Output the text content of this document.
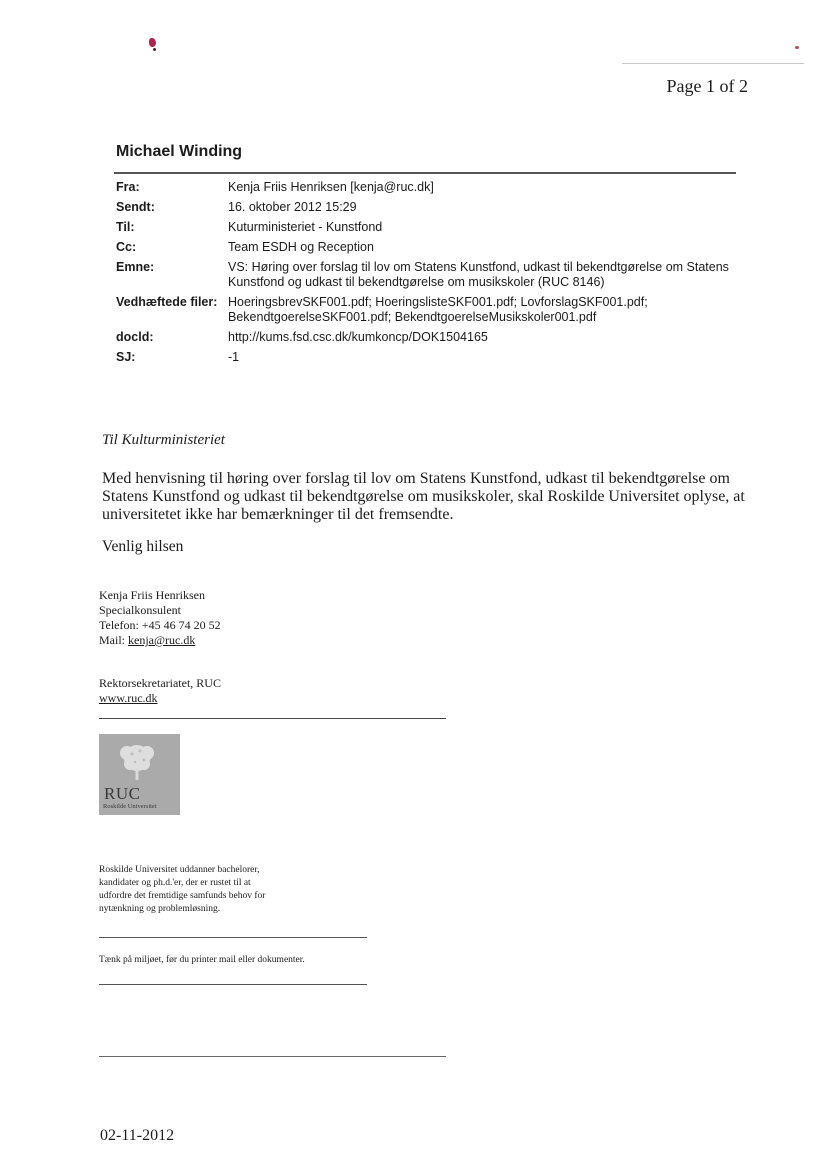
Page 1 of 2
Michael Winding
Fra:	Kenja Friis Henriksen [kenja@ruc.dk]
Sendt:	16. oktober 2012 15:29
Til:	Kuturministeriet - Kunstfond
Cc:	Team ESDH og Reception
Emne:	VS: Høring over forslag til lov om Statens Kunstfond, udkast til bekendtgørelse om Statens Kunstfond og udkast til bekendtgørelse om musikskoler (RUC 8146)
Vedhæftede filer: HoeringsbrevSKF001.pdf; HoeringslisteSKF001.pdf; LovforslagSKF001.pdf; BekendtgoerelseSKF001.pdf; BekendtgoerelseMusikskoler001.pdf
docld:	http://kums.fsd.csc.dk/kumkoncp/DOK1504165
SJ:	-1
Til Kulturministeriet
Med henvisning til høring over forslag til lov om Statens Kunstfond, udkast til bekendtgørelse om Statens Kunstfond og udkast til bekendtgørelse om musikskoler, skal Roskilde Universitet oplyse, at universitetet ikke har bemærkninger til det fremsendte.
Venlig hilsen
Kenja Friis Henriksen
Specialkonsulent
Telefon: +45 46 74 20 52
Mail: kenja@ruc.dk
Rektorsekretariatet, RUC
www.ruc.dk
RUC
Roskilde Universitet
Roskilde Universitet uddanner bachelorer,
kandidater og ph.d.'er, der er rustet til at
udfordre det fremtidige samfunds behov for
nytænkning og problemløsning.
Tænk på miljøet, før du printer mail eller dokumenter.
02-11-2012
